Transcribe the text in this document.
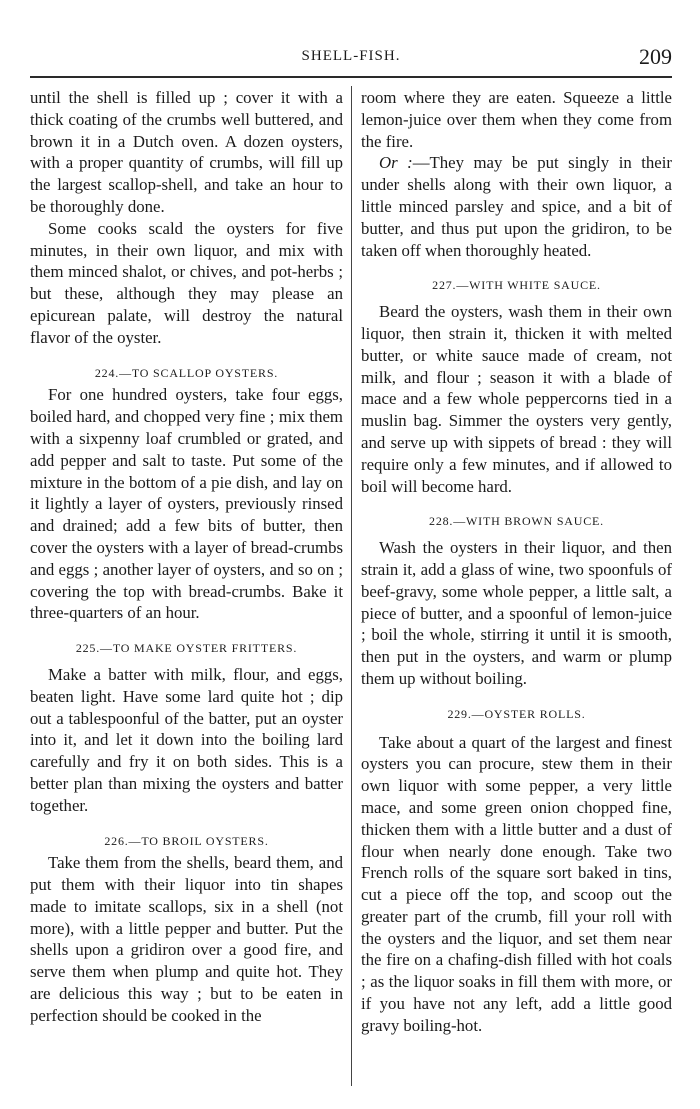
SHELL-FISH.	209

until the shell is filled up ; cover it with a thick coating of the crumbs well buttered, and brown it in a Dutch oven. A dozen oysters, with a proper quantity of crumbs, will fill up the largest scallop-shell, and take an hour to be thoroughly done.

Some cooks scald the oysters for five minutes, in their own liquor, and mix with them minced shalot, or chives, and pot-herbs ; but these, although they may please an epicurean palate, will destroy the natural flavor of the oyster.

224.—TO SCALLOP OYSTERS.

For one hundred oysters, take four eggs, boiled hard, and chopped very fine ; mix them with a sixpenny loaf crumbled or grated, and add pepper and salt to taste. Put some of the mixture in the bottom of a pie dish, and lay on it lightly a layer of oysters, previously rinsed and drained; add a few bits of butter, then cover the oysters with a layer of bread-crumbs and eggs ; another layer of oysters, and so on ; covering the top with bread-crumbs. Bake it three-quarters of an hour.

225.—TO MAKE OYSTER FRITTERS.

Make a batter with milk, flour, and eggs, beaten light. Have some lard quite hot ; dip out a tablespoonful of the batter, put an oyster into it, and let it down into the boiling lard carefully and fry it on both sides. This is a better plan than mixing the oysters and batter together.

226.—TO BROIL OYSTERS.

Take them from the shells, beard them, and put them with their liquor into tin shapes made to imitate scallops, six in a shell (not more), with a little pepper and butter. Put the shells upon a gridiron over a good fire, and serve them when plump and quite hot. They are delicious this way ; but to be eaten in perfection should be cooked in the

room where they are eaten. Squeeze a little lemon-juice over them when they come from the fire.

Or :—They may be put singly in their under shells along with their own liquor, a little minced parsley and spice, and a bit of butter, and thus put upon the gridiron, to be taken off when thoroughly heated.

227.—WITH WHITE SAUCE.

Beard the oysters, wash them in their own liquor, then strain it, thicken it with melted butter, or white sauce made of cream, not milk, and flour ; season it with a blade of mace and a few whole peppercorns tied in a muslin bag. Simmer the oysters very gently, and serve up with sippets of bread : they will require only a few minutes, and if allowed to boil will become hard.

228.—WITH BROWN SAUCE.

Wash the oysters in their liquor, and then strain it, add a glass of wine, two spoonfuls of beef-gravy, some whole pepper, a little salt, a piece of butter, and a spoonful of lemon-juice ; boil the whole, stirring it until it is smooth, then put in the oysters, and warm or plump them up without boiling.

229.—OYSTER ROLLS.

Take about a quart of the largest and finest oysters you can procure, stew them in their own liquor with some pepper, a very little mace, and some green onion chopped fine, thicken them with a little butter and a dust of flour when nearly done enough. Take two French rolls of the square sort baked in tins, cut a piece off the top, and scoop out the greater part of the crumb, fill your roll with the oysters and the liquor, and set them near the fire on a chafing-dish filled with hot coals ; as the liquor soaks in fill them with more, or if you have not any left, add a little good gravy boiling-hot.
